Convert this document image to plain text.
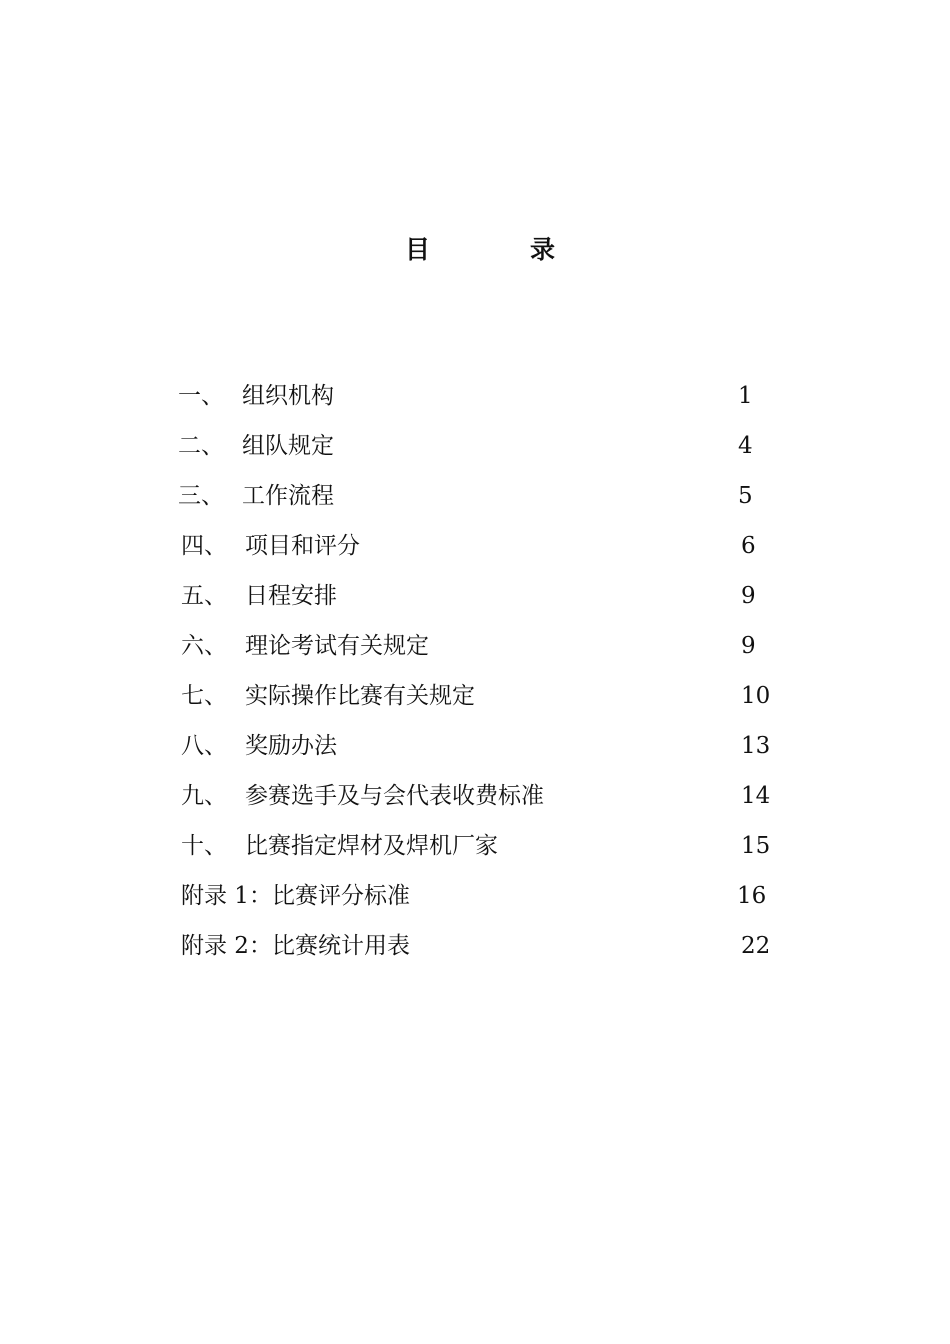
目	录
一、 组织机构	1
二、 组队规定	4
三、 工作流程	5
四、 项目和评分	6
五、 日程安排	9
六、 理论考试有关规定	9
七、 实际操作比赛有关规定	10
八、 奖励办法	13
九、 参赛选手及与会代表收费标准	14
十、 比赛指定焊材及焊机厂家	15
附录 1：比赛评分标准	16
附录 2：比赛统计用表	22
